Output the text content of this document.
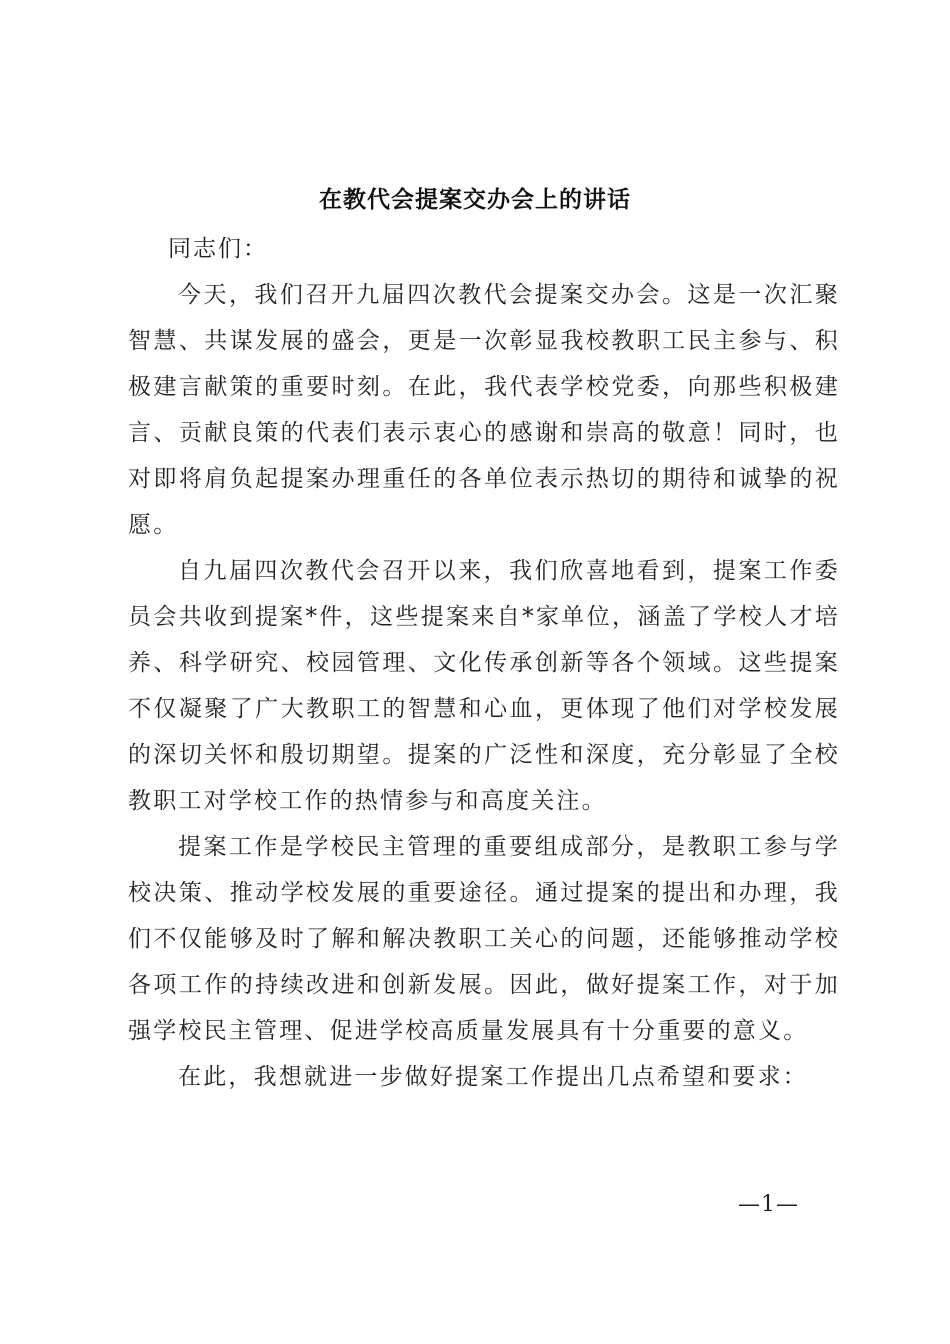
在教代会提案交办会上的讲话
同志们：

今天，我们召开九届四次教代会提案交办会。这是一次汇聚智慧、共谋发展的盛会，更是一次彰显我校教职工民主参与、积极建言献策的重要时刻。在此，我代表学校党委，向那些积极建言、贡献良策的代表们表示衷心的感谢和崇高的敬意！同时，也对即将肩负起提案办理重任的各单位表示热切的期待和诚挚的祝愿。

自九届四次教代会召开以来，我们欣喜地看到，提案工作委员会共收到提案*件，这些提案来自*家单位，涵盖了学校人才培养、科学研究、校园管理、文化传承创新等各个领域。这些提案不仅凝聚了广大教职工的智慧和心血，更体现了他们对学校发展的深切关怀和殷切期望。提案的广泛性和深度，充分彰显了全校教职工对学校工作的热情参与和高度关注。

提案工作是学校民主管理的重要组成部分，是教职工参与学校决策、推动学校发展的重要途径。通过提案的提出和办理，我们不仅能够及时了解和解决教职工关心的问题，还能够推动学校各项工作的持续改进和创新发展。因此，做好提案工作，对于加强学校民主管理、促进学校高质量发展具有十分重要的意义。

在此，我想就进一步做好提案工作提出几点希望和要求：

—1—
